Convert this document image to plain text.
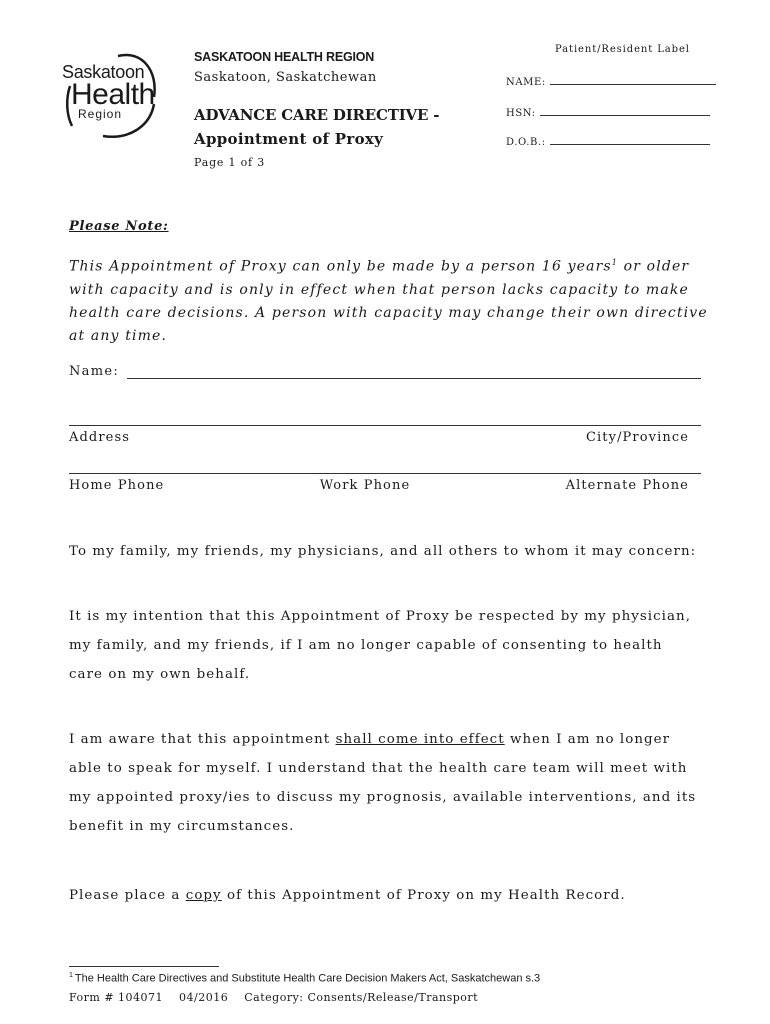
Saskatoon
Health
Region
SASKATOON HEALTH REGION
Saskatoon, Saskatchewan
ADVANCE CARE DIRECTIVE -
Appointment of Proxy
Page 1 of 3
Patient/Resident Label
NAME:
HSN:
D.O.B.:
Please Note:
This Appointment of Proxy can only be made by a person 16 years$^1$ or older with capacity and is only in effect when that person lacks capacity to make health care decisions. A person with capacity may change their own directive at any time.
Name:
Address	City/Province
Home Phone	Work Phone	Alternate Phone
To my family, my friends, my physicians, and all others to whom it may concern:
It is my intention that this Appointment of Proxy be respected by my physician, my family, and my friends, if I am no longer capable of consenting to health care on my own behalf.
I am aware that this appointment shall come into effect when I am no longer able to speak for myself. I understand that the health care team will meet with my appointed proxy/ies to discuss my prognosis, available interventions, and its benefit in my circumstances.
Please place a copy of this Appointment of Proxy on my Health Record.
$^1$ The Health Care Directives and Substitute Health Care Decision Makers Act, Saskatchewan s.3
Form # 104071 04/2016 Category: Consents/Release/Transport
